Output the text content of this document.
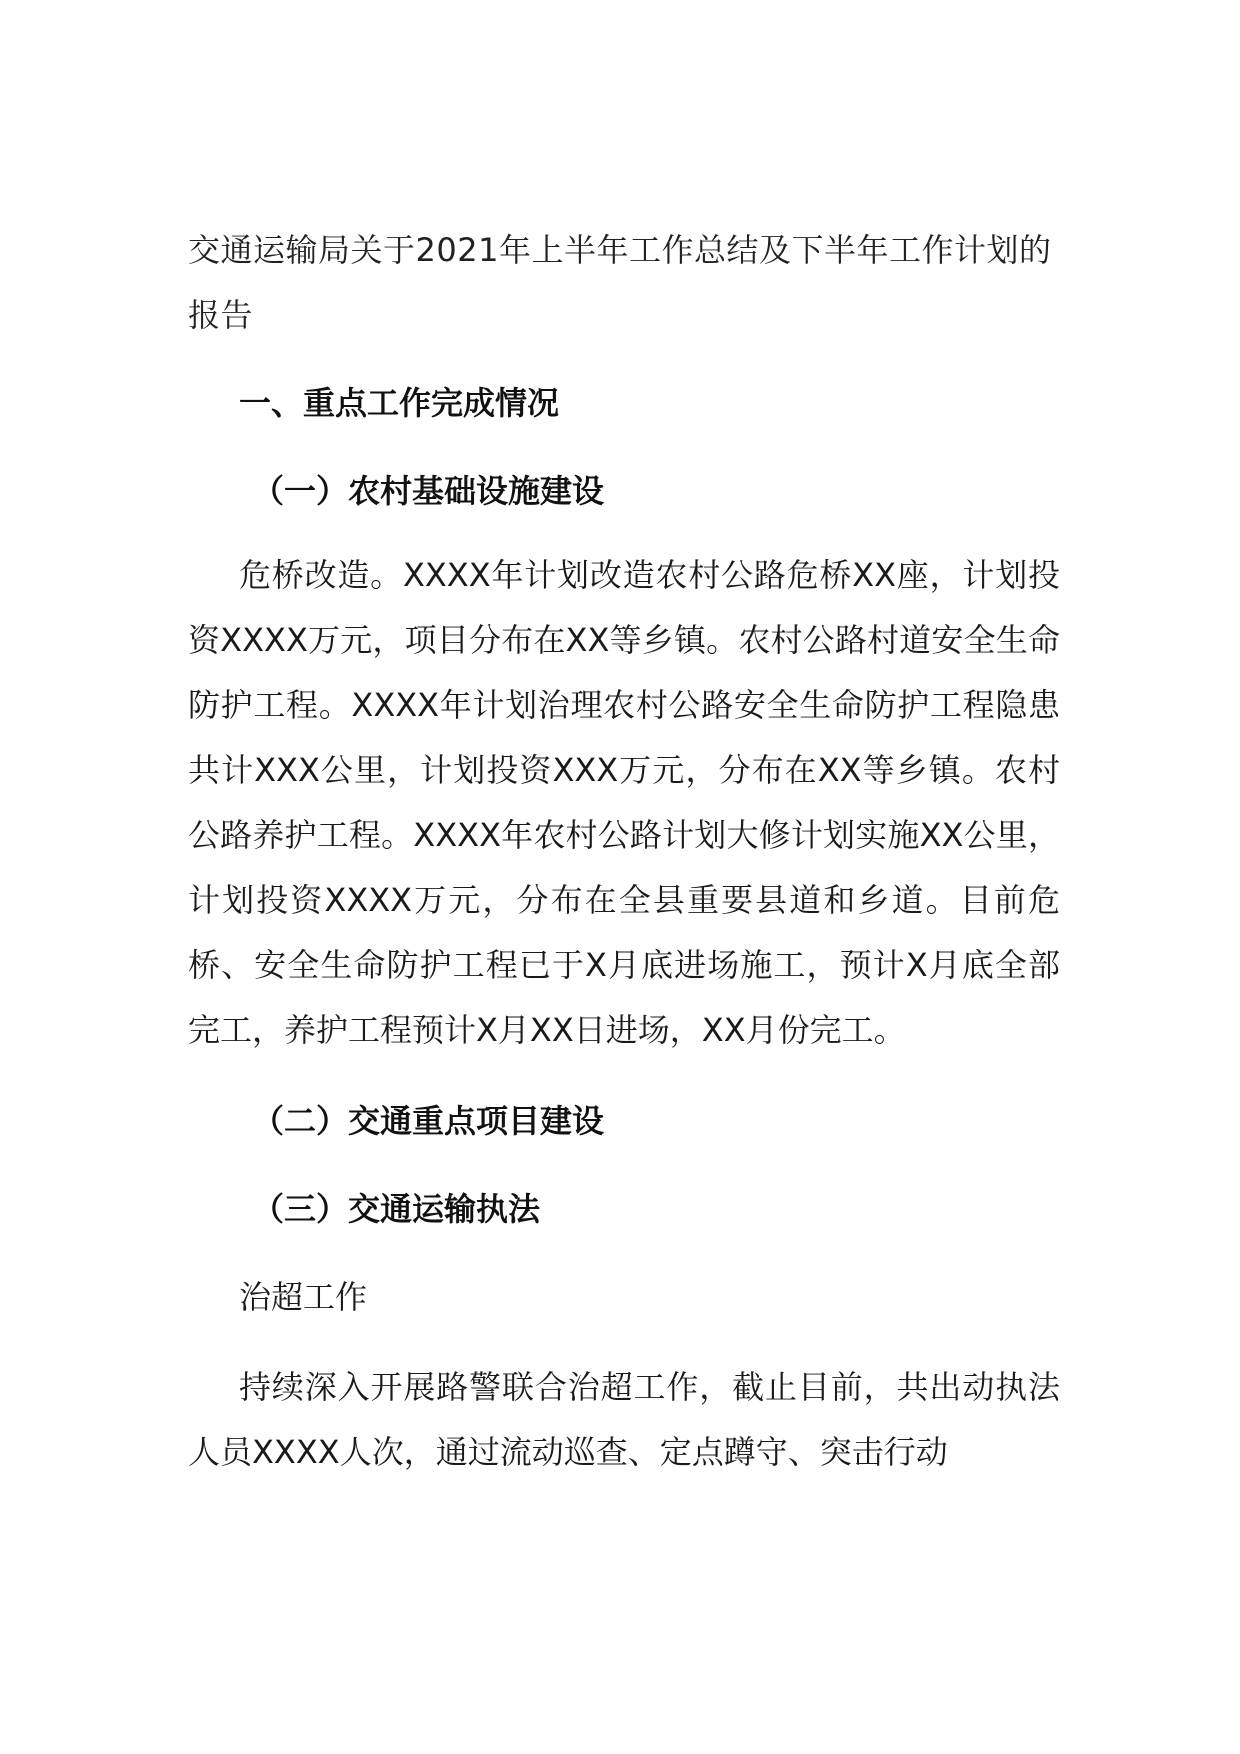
交通运输局关于2021年上半年工作总结及下半年工作计划的报告
一、重点工作完成情况
（一）农村基础设施建设

危桥改造。XXXX年计划改造农村公路危桥XX座，计划投资XXXX万元，项目分布在XX等乡镇。农村公路村道安全生命防护工程。XXXX年计划治理农村公路安全生命防护工程隐患共计XXX公里，计划投资XXX万元，分布在XX等乡镇。农村公路养护工程。XXXX年农村公路计划大修计划实施XX公里，计划投资XXXX万元，分布在全县重要县道和乡道。目前危桥、安全生命防护工程已于X月底进场施工，预计X月底全部完工，养护工程预计X月XX日进场，XX月份完工。

（二）交通重点项目建设
（三）交通运输执法

治超工作

持续深入开展路警联合治超工作，截止目前，共出动执法人员XXXX人次，通过流动巡查、定点蹲守、突击行动
